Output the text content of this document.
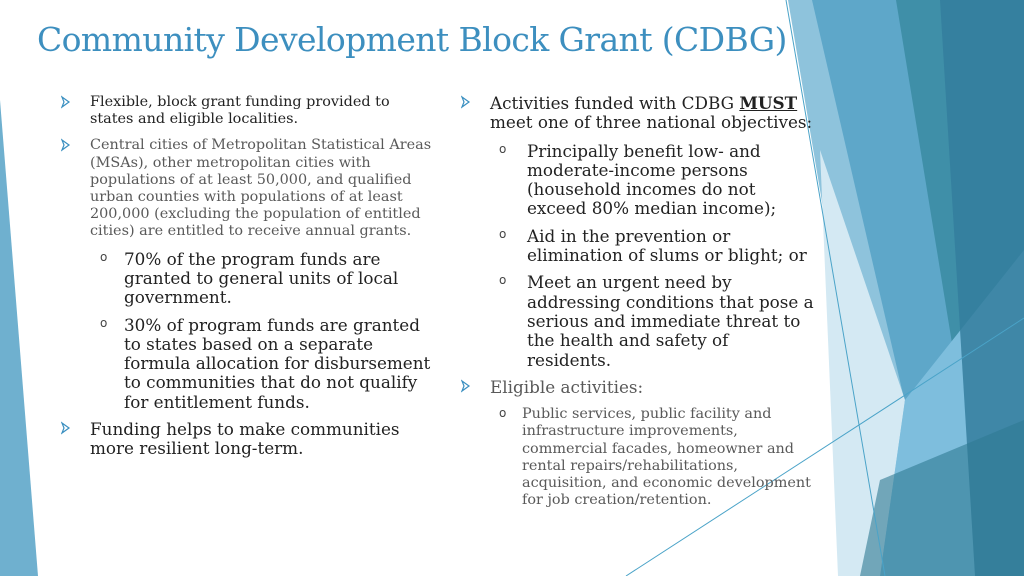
Community Development Block Grant (CDBG)
Flexible, block grant funding provided to states and eligible localities.
Central cities of Metropolitan Statistical Areas (MSAs), other metropolitan cities with populations of at least 50,000, and qualified urban counties with populations of at least 200,000 (excluding the population of entitled cities) are entitled to receive annual grants.
o 70% of the program funds are granted to general units of local government.
o 30% of program funds are granted to states based on a separate formula allocation for disbursement to communities that do not qualify for entitlement funds.
Funding helps to make communities more resilient long-term.
Activities funded with CDBG MUST meet one of three national objectives:
o Principally benefit low- and moderate-income persons (household incomes do not exceed 80% median income);
o Aid in the prevention or elimination of slums or blight; or
o Meet an urgent need by addressing conditions that pose a serious and immediate threat to the health and safety of residents.
Eligible activities:
o Public services, public facility and infrastructure improvements, commercial facades, homeowner and rental repairs/rehabilitations, acquisition, and economic development for job creation/retention.
